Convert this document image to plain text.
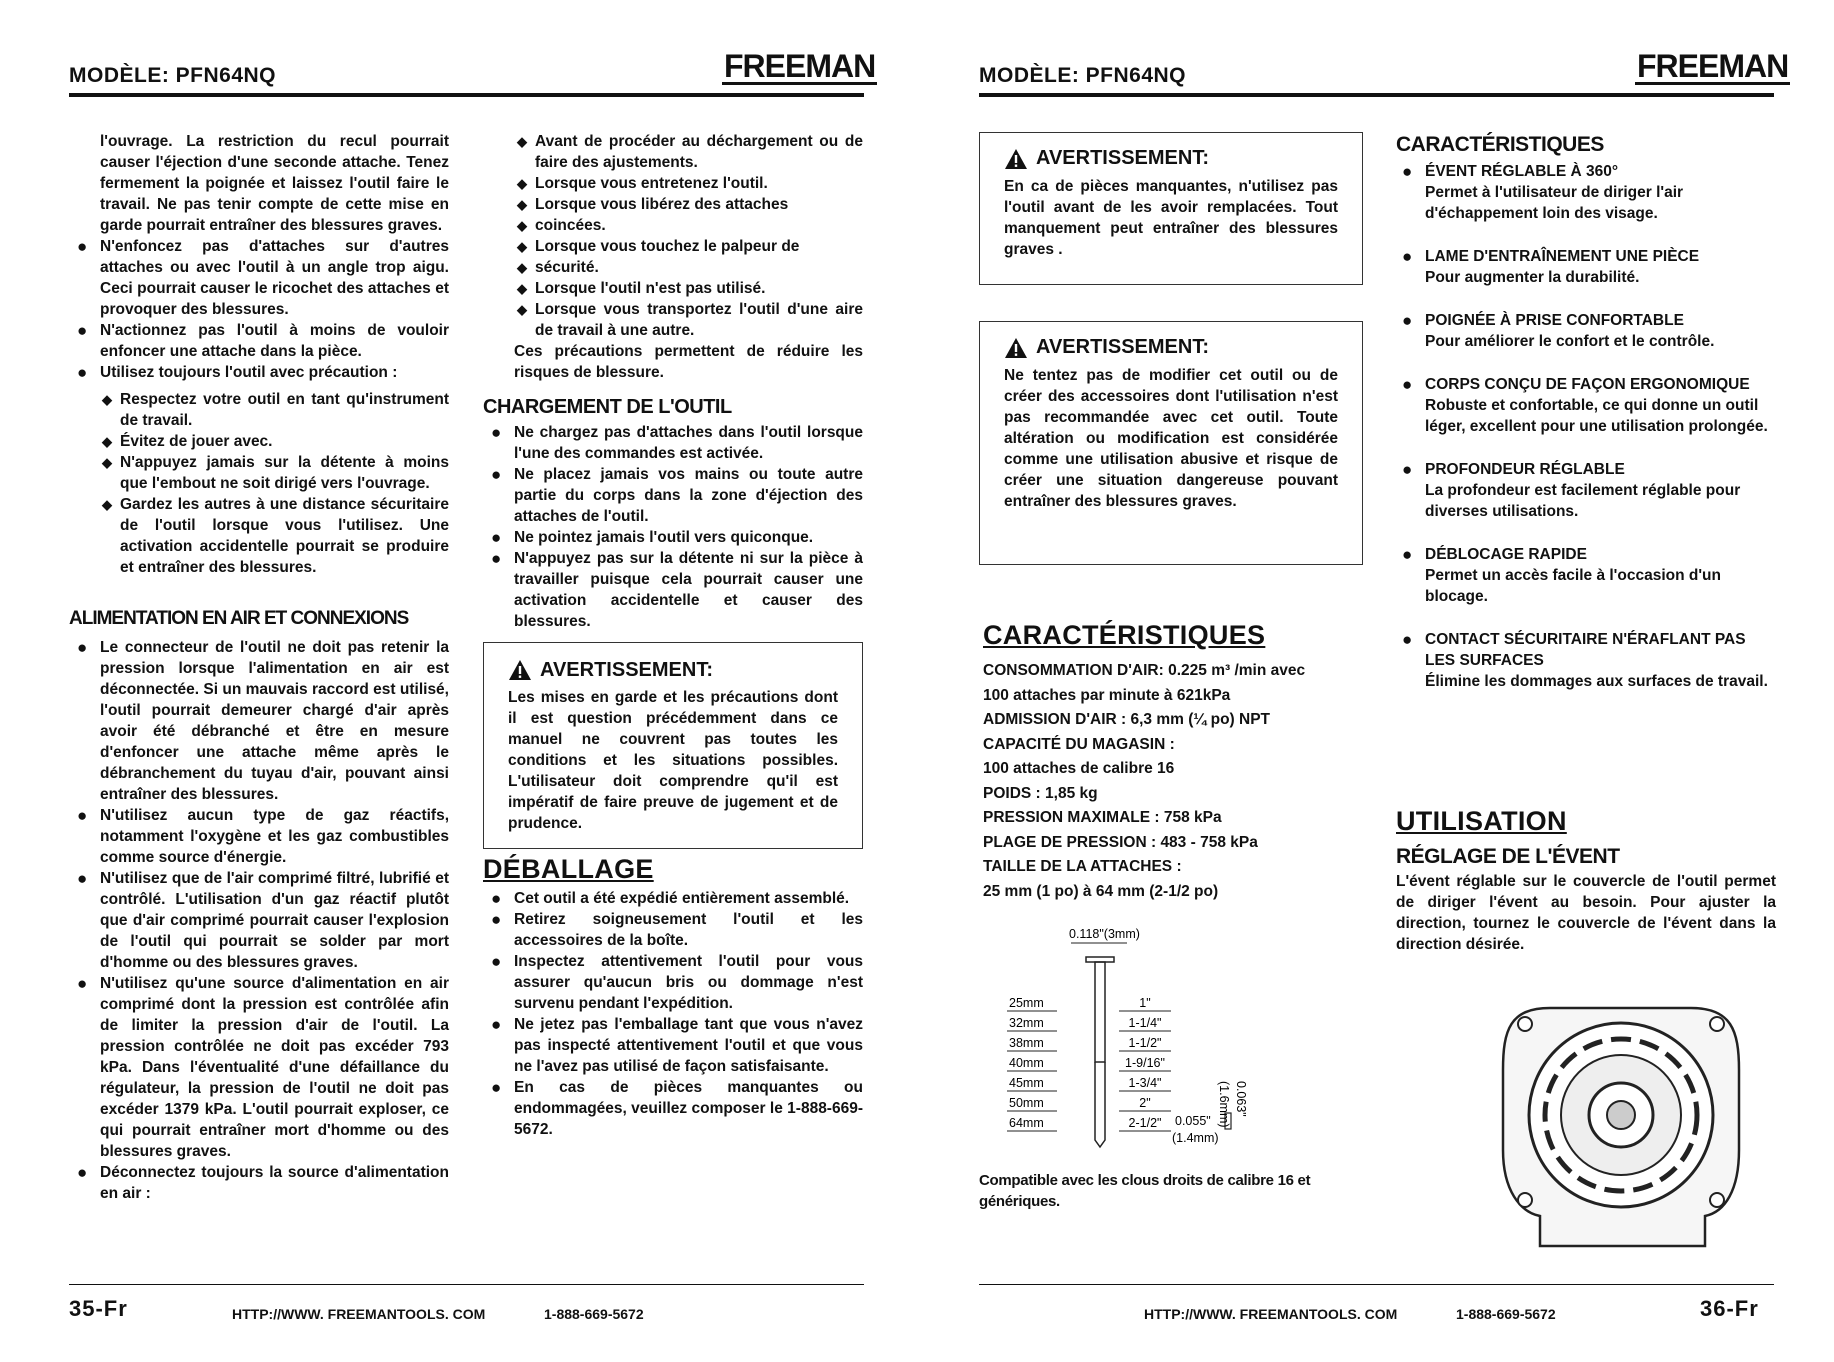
MODÈLE: PFN64NQ	FREEMAN

l'ouvrage. La restriction du recul pourrait causer l'éjection d'une seconde attache. Tenez fermement la poignée et laissez l'outil faire le travail. Ne pas tenir compte de cette mise en garde pourrait entraîner des blessures graves.

● N'enfoncez pas d'attaches sur d'autres attaches ou avec l'outil à un angle trop aigu. Ceci pourrait causer le ricochet des attaches et provoquer des blessures.

● N'actionnez pas l'outil à moins de vouloir enfoncer une attache dans la pièce.

● Utilisez toujours l'outil avec précaution :

◆ Respectez votre outil en tant qu'instrument de travail.

◆ Évitez de jouer avec.

◆ N'appuyez jamais sur la détente à moins que l'embout ne soit dirigé vers l'ouvrage.

◆ Gardez les autres à une distance sécuritaire de l'outil lorsque vous l'utilisez. Une activation accidentelle pourrait se produire et entraîner des blessures.

ALIMENTATION EN AIR ET CONNEXIONS

● Le connecteur de l'outil ne doit pas retenir la pression lorsque l'alimentation en air est déconnectée. Si un mauvais raccord est utilisé, l'outil pourrait demeurer chargé d'air après avoir été débranché et être en mesure d'enfoncer une attache même après le débranchement du tuyau d'air, pouvant ainsi entraîner des blessures.

● N'utilisez aucun type de gaz réactifs, notamment l'oxygène et les gaz combustibles comme source d'énergie.

● N'utilisez que de l'air comprimé filtré, lubrifié et contrôlé. L'utilisation d'un gaz réactif plutôt que d'air comprimé pourrait causer l'explosion de l'outil qui pourrait se solder par mort d'homme ou des blessures graves.

● N'utilisez qu'une source d'alimentation en air comprimé dont la pression est contrôlée afin de limiter la pression d'air de l'outil. La pression contrôlée ne doit pas excéder 793 kPa. Dans l'éventualité d'une défaillance du régulateur, la pression de l'outil ne doit pas excéder 1379 kPa. L'outil pourrait exploser, ce qui pourrait entraîner mort d'homme ou des blessures graves.

● Déconnectez toujours la source d'alimentation en air :

◆ Avant de procéder au déchargement ou de faire des ajustements.

◆ Lorsque vous entretenez l'outil.

◆ Lorsque vous libérez des attaches

◆ coincées.

◆ Lorsque vous touchez le palpeur de

◆ sécurité.

◆ Lorsque l'outil n'est pas utilisé.

◆ Lorsque vous transportez l'outil d'une aire de travail à une autre.

Ces précautions permettent de réduire les risques de blessure.

CHARGEMENT DE L'OUTIL

● Ne chargez pas d'attaches dans l'outil lorsque l'une des commandes est activée.

● Ne placez jamais vos mains ou toute autre partie du corps dans la zone d'éjection des attaches de l'outil.

● Ne pointez jamais l'outil vers quiconque.

● N'appuyez pas sur la détente ni sur la pièce à travailler puisque cela pourrait causer une activation accidentelle et causer des blessures.

AVERTISSEMENT:
Les mises en garde et les précautions dont il est question précédemment dans ce manuel ne couvrent pas toutes les conditions et les situations possibles. L'utilisateur doit comprendre qu'il est impératif de faire preuve de jugement et de prudence.
DÉBALLAGE

● Cet outil a été expédié entièrement assemblé.

● Retirez soigneusement l'outil et les accessoires de la boîte.

● Inspectez attentivement l'outil pour vous assurer qu'aucun bris ou dommage n'est survenu pendant l'expédition.

● Ne jetez pas l'emballage tant que vous n'avez pas inspecté attentivement l'outil et que vous ne l'avez pas utilisé de façon satisfaisante.

● En cas de pièces manquantes ou endommagées, veuillez composer le 1-888-669-5672.

35-Fr	HTTP://WWW. FREEMANTOOLS. COM	1-888-669-5672
MODÈLE: PFN64NQ	FREEMAN
AVERTISSEMENT:
En ca de pièces manquantes, n'utilisez pas l'outil avant de les avoir remplacées. Tout manquement peut entraîner des blessures graves .
AVERTISSEMENT:
Ne tentez pas de modifier cet outil ou de créer des accessoires dont l'utilisation n'est pas recommandée avec cet outil. Toute altération ou modification est considérée comme une utilisation abusive et risque de créer une situation dangereuse pouvant entraîner des blessures graves.
CARACTÉRISTIQUES
CONSOMMATION D'AIR: 0.225 m³ /min avec
100 attaches par minute à 621kPa
ADMISSION D'AIR : 6,3 mm (¼ po) NPT
CAPACITÉ DU MAGASIN :
100 attaches de calibre 16
POIDS : 1,85 kg
PRESSION MAXIMALE : 758 kPa
PLAGE DE PRESSION : 483 - 758 kPa
TAILLE DE LA ATTACHES :
25 mm (1 po) à 64 mm (2-1/2 po)
0.118"(3mm)
25mm
32mm
38mm
40mm
45mm
50mm
64mm
1"
1-1/4"
1-1/2"
1-9/16"
1-3/4"
2"
2-1/2"
0.063"
(1.6mm)
0.055"
(1.4mm)
Compatible avec les clous droits de calibre 16 et génériques.
CARACTÉRISTIQUES
● ÉVENT RÉGLABLE À 360°
Permet à l'utilisateur de diriger l'air d'échappement loin des visage.
● LAME D'ENTRAÎNEMENT UNE PIÈCE
Pour augmenter la durabilité.
● POIGNÉE À PRISE CONFORTABLE
Pour améliorer le confort et le contrôle.
● CORPS CONÇU DE FAÇON ERGONOMIQUE
Robuste et confortable, ce qui donne un outil léger, excellent pour une utilisation prolongée.
● PROFONDEUR RÉGLABLE
La profondeur est facilement réglable pour diverses utilisations.
● DÉBLOCAGE RAPIDE
Permet un accès facile à l'occasion d'un blocage.
● CONTACT SÉCURITAIRE N'ÉRAFLANT PAS LES SURFACES
Élimine les dommages aux surfaces de travail.
UTILISATION
RÉGLAGE DE L'ÉVENT

L'évent réglable sur le couvercle de l'outil permet de diriger l'évent au besoin. Pour ajuster la direction, tournez le couvercle de l'évent dans la direction désirée.

HTTP://WWW. FREEMANTOOLS. COM	1-888-669-5672	36-Fr
